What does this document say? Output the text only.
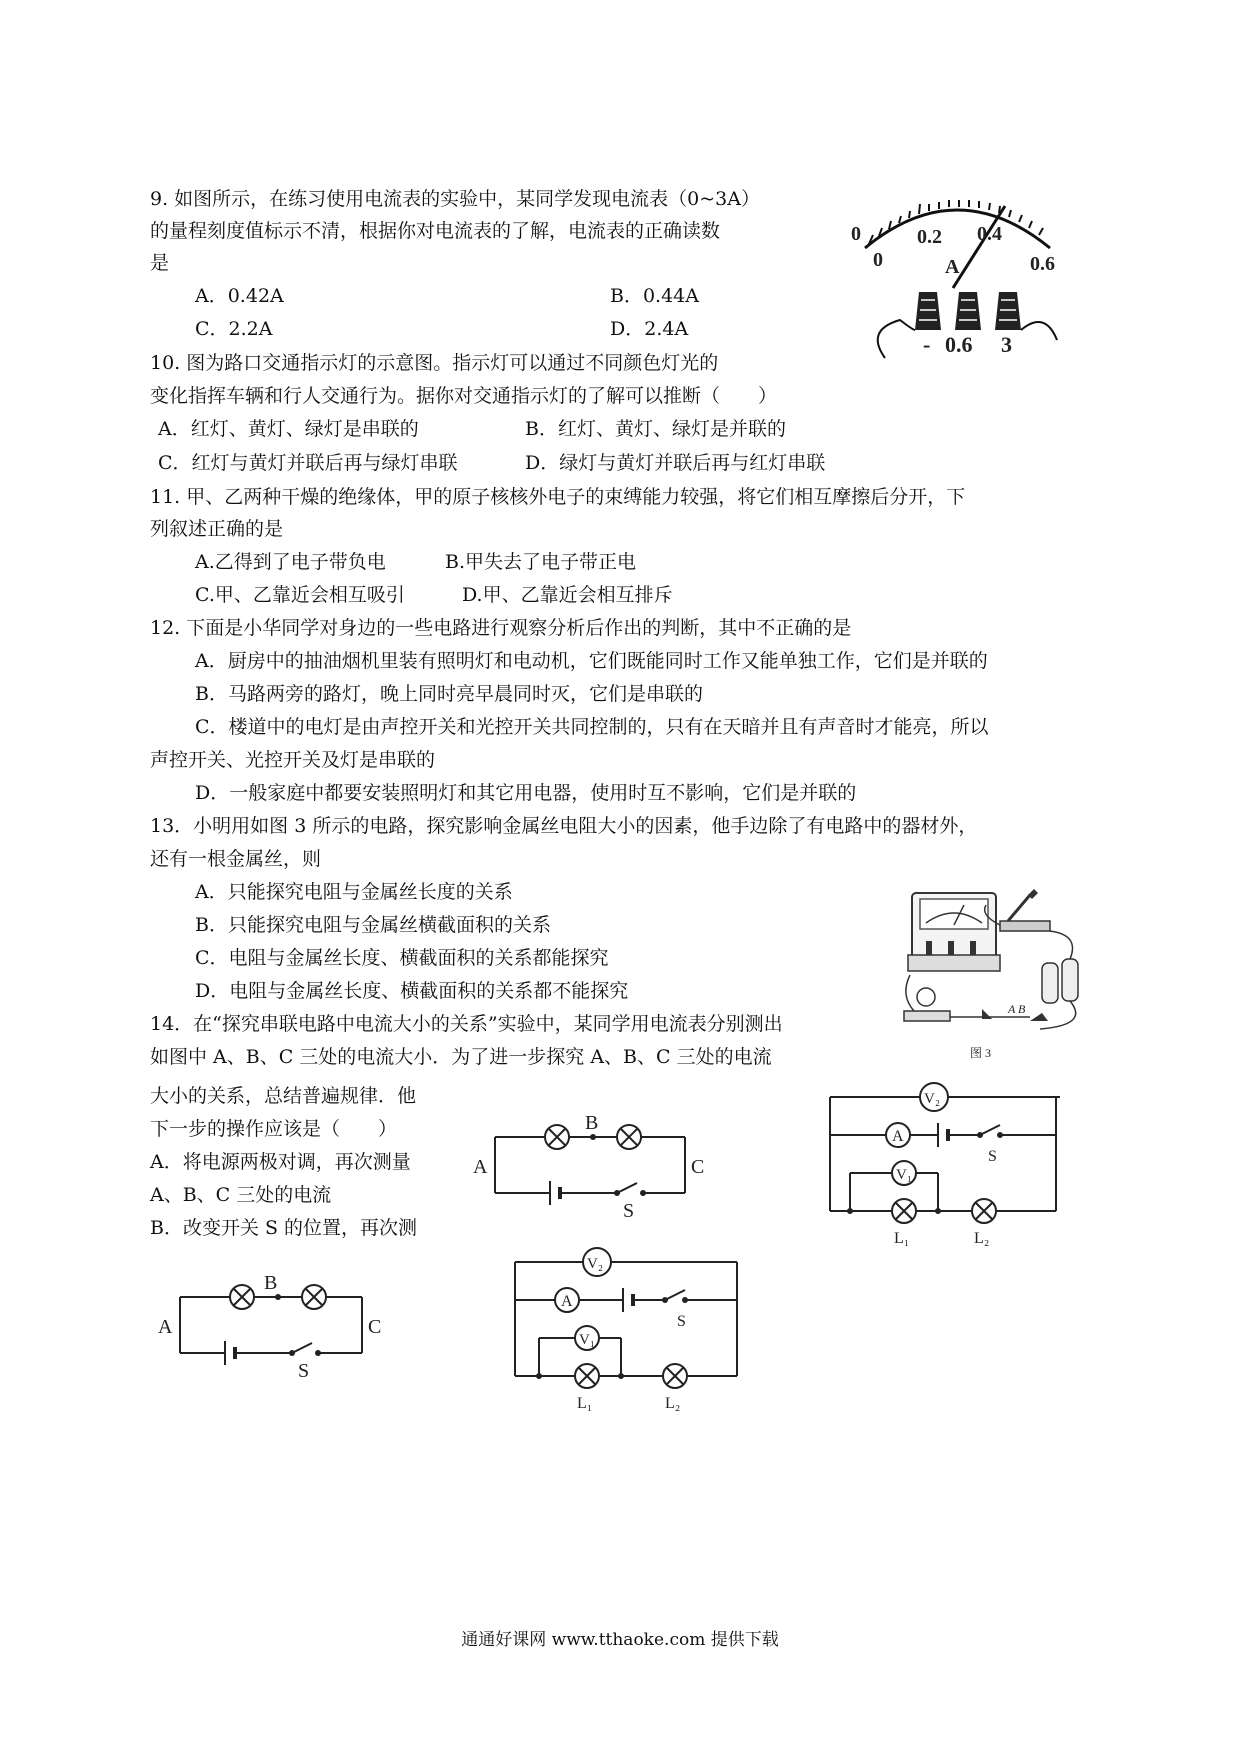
9. 如图所示，在练习使用电流表的实验中，某同学发现电流表（0~3A）
的量程刻度值标示不清，根据你对电流表的了解，电流表的正确读数
是
A．0.42A	B．0.44A
C．2.2A	D．2.4A
0
0
0.2 0.4
0.6
A
- 0.6 3
10. 图为路口交通指示灯的示意图。指示灯可以通过不同颜色灯光的
变化指挥车辆和行人交通行为。据你对交通指示灯的了解可以推断（　　）
A．红灯、黄灯、绿灯是串联的	B．红灯、黄灯、绿灯是并联的
C．红灯与黄灯并联后再与绿灯串联	D．绿灯与黄灯并联后再与红灯串联
11. 甲、乙两种干燥的绝缘体，甲的原子核核外电子的束缚能力较强，将它们相互摩擦后分开，下
列叙述正确的是
A.乙得到了电子带负电	B.甲失去了电子带正电
C.甲、乙靠近会相互吸引	D.甲、乙靠近会相互排斥
12. 下面是小华同学对身边的一些电路进行观察分析后作出的判断，其中不正确的是
A．厨房中的抽油烟机里装有照明灯和电动机，它们既能同时工作又能单独工作，它们是并联的
B．马路两旁的路灯，晚上同时亮早晨同时灭，它们是串联的
C．楼道中的电灯是由声控开关和光控开关共同控制的，只有在天暗并且有声音时才能亮，所以
声控开关、光控开关及灯是串联的
D．一般家庭中都要安装照明灯和其它用电器，使用时互不影响，它们是并联的
13．小明用如图 3 所示的电路，探究影响金属丝电阻大小的因素，他手边除了有电路中的器材外，
还有一根金属丝，则
A．只能探究电阻与金属丝长度的关系
B．只能探究电阻与金属丝横截面积的关系
C．电阻与金属丝长度、横截面积的关系都能探究
D．电阻与金属丝长度、横截面积的关系都不能探究
A B
图 3
14．在“探究串联电路中电流大小的关系”实验中，某同学用电流表分别测出
如图中 A、B、C 三处的电流大小．为了进一步探究 A、B、C 三处的电流
大小的关系，总结普遍规律．他
下一步的操作应该是（　　）
A．将电源两极对调，再次测量
A、B、C 三处的电流
B．改变开关 S 的位置，再次测
A
B
C
S
A
B
C
S
V₂
A
V₁
S
L₁	L₂
V₂
A
V₁
S
L₁	L₂
通通好课网 www.tthaoke.com 提供下载
